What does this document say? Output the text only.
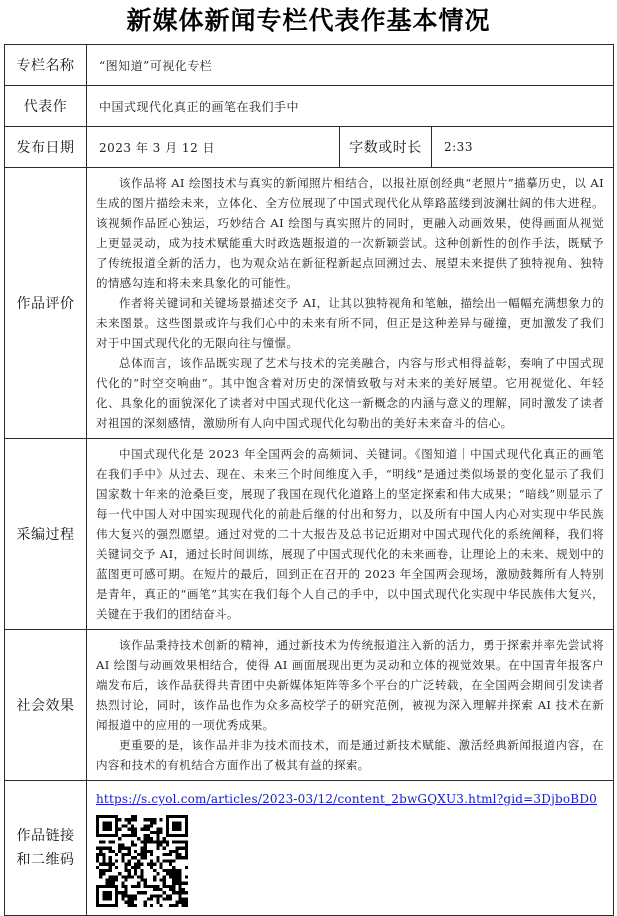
新媒体新闻专栏代表作基本情况
专栏名称	“图知道”可视化专栏		
代表作	中国式现代化真正的画笔在我们手中		
发布日期	2023 年 3 月 12 日	字数或时长	2:33
作品评价	该作品将 AI 绘图技术与真实的新闻照片相结合，以报社原创经典“老照片”描摹历史，以 AI 生成的图片描绘未来，立体化、全方位展现了中国式现代化从筚路蓝缕到波澜壮阔的伟大进程。该视频作品匠心独运，巧妙结合 AI 绘图与真实照片的同时，更融入动画效果，使得画面从视觉上更显灵动，成为技术赋能重大时政选题报道的一次新颖尝试。这种创新性的创作手法，既赋予了传统报道全新的活力，也为观众站在新征程新起点回溯过去、展望未来提供了独特视角、独特的情感勾连和将未来具象化的可能性。

作者将关键词和关键场景描述交予 AI，让其以独特视角和笔触，描绘出一幅幅充满想象力的未来图景。这些图景或许与我们心中的未来有所不同，但正是这种差异与碰撞，更加激发了我们对于中国式现代化的无限向往与憧憬。

总体而言，该作品既实现了艺术与技术的完美融合，内容与形式相得益彰，奏响了中国式现代化的“时空交响曲”。其中饱含着对历史的深情致敬与对未来的美好展望。它用视觉化、年轻化、具象化的面貌深化了读者对中国式现代化这一新概念的内涵与意义的理解，同时激发了读者对祖国的深刻感情，激励所有人向中国式现代化勾勒出的美好未来奋斗的信心。		

采编过程	中国式现代化是 2023 年全国两会的高频词、关键词。《图知道｜中国式现代化真正的画笔在我们手中》从过去、现在、未来三个时间维度入手，“明线”是通过类似场景的变化显示了我们国家数十年来的沧桑巨变，展现了我国在现代化道路上的坚定探索和伟大成果；“暗线”则显示了每一代中国人对中国实现现代化的前赴后继的付出和努力，以及所有中国人内心对实现中华民族伟大复兴的强烈愿望。通过对党的二十大报告及总书记近期对中国式现代化的系统阐释，我们将关键词交予 AI，通过长时间训练，展现了中国式现代化的未来画卷，让理论上的未来、规划中的蓝图更可感可期。在短片的最后，回到正在召开的 2023 年全国两会现场，激励鼓舞所有人特别是青年，真正的“画笔”其实在我们每个人自己的手中，以中国式现代化实现中华民族伟大复兴，关键在于我们的团结奋斗。		

社会效果	该作品秉持技术创新的精神，通过新技术为传统报道注入新的活力，勇于探索并率先尝试将 AI 绘图与动画效果相结合，使得 AI 画面展现出更为灵动和立体的视觉效果。在中国青年报客户端发布后，该作品获得共青团中央新媒体矩阵等多个平台的广泛转载，在全国两会期间引发读者热烈讨论，同时，该作品也作为众多高校学子的研究范例，被视为深入理解并探索 AI 技术在新闻报道中的应用的一项优秀成果。

更重要的是，该作品并非为技术而技术，而是通过新技术赋能、激活经典新闻报道内容，在内容和技术的有机结合方面作出了极其有益的探索。		

作品链接
和二维码	https://s.cyol.com/articles/2023-03/12/content_2bwGQXU3.html?gid=3DjboBD0		
